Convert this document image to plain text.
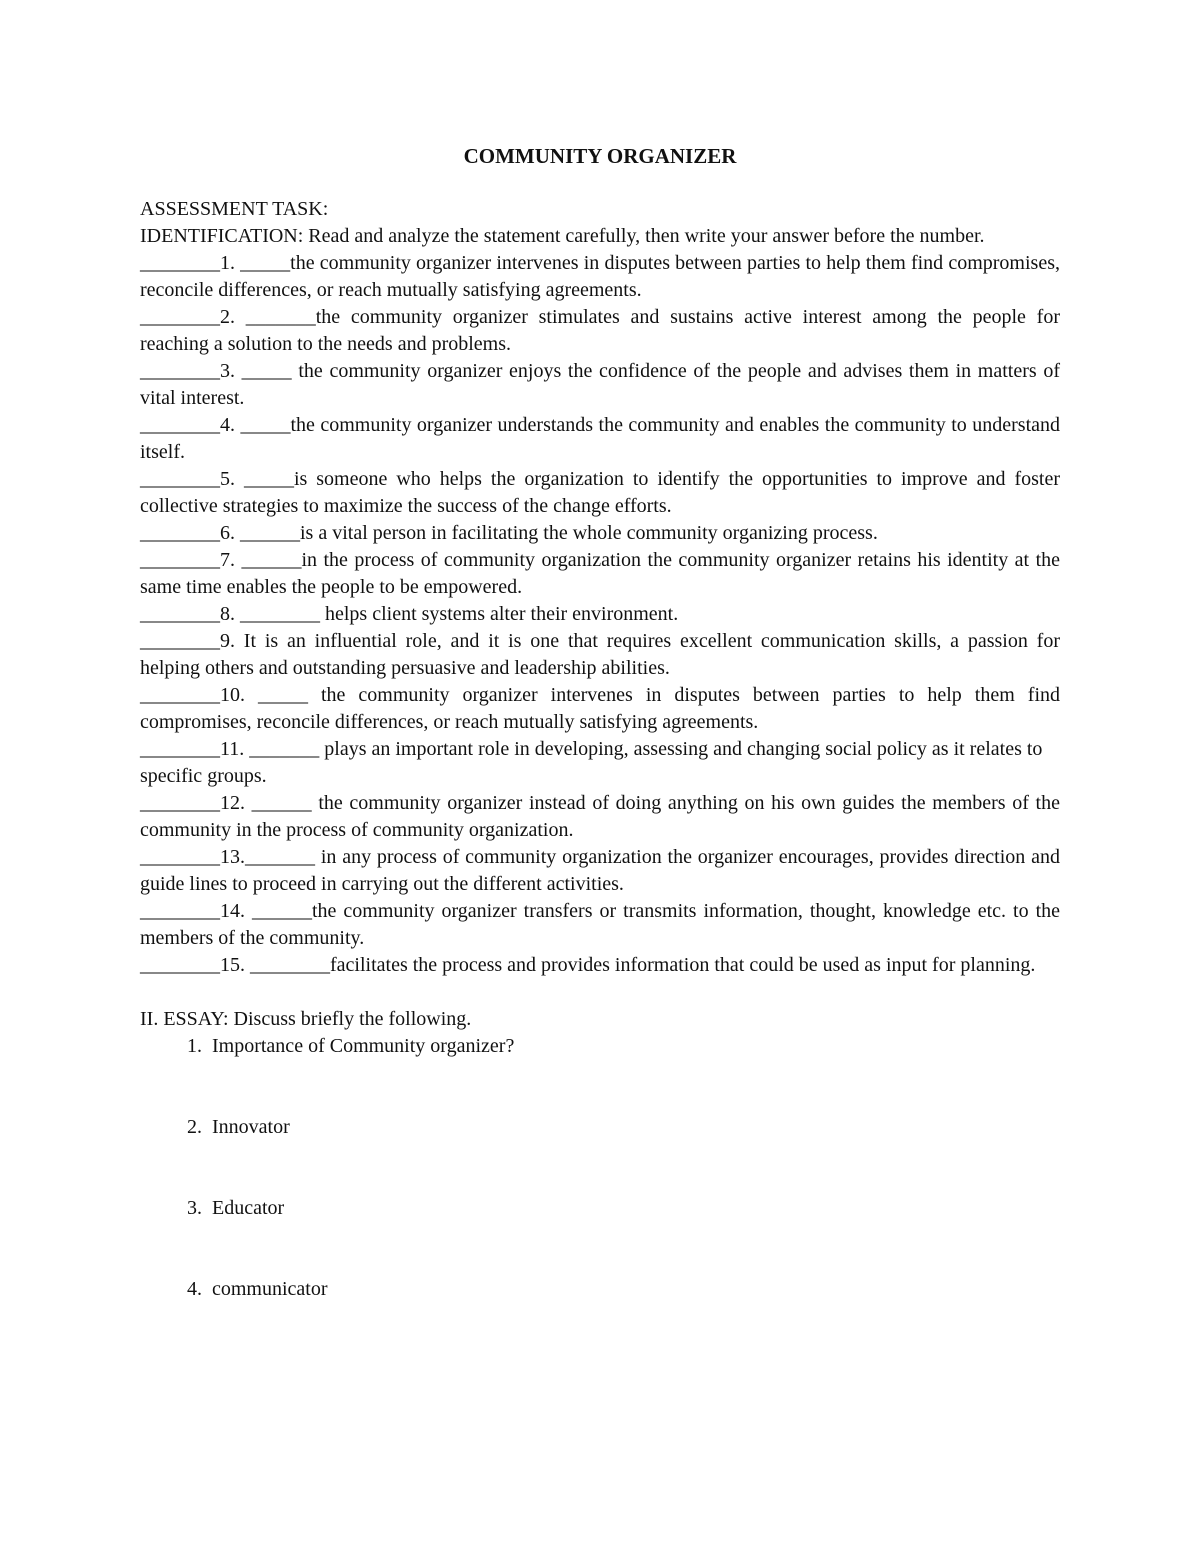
COMMUNITY ORGANIZER

ASSESSMENT TASK:

IDENTIFICATION: Read and analyze the statement carefully, then write your answer before the number.

________1. _____the community organizer intervenes in disputes between parties to help them find compromises, reconcile differences, or reach mutually satisfying agreements.

________2. _______the community organizer stimulates and sustains active interest among the people for reaching a solution to the needs and problems.

________3. _____ the community organizer enjoys the confidence of the people and advises them in matters of vital interest.

________4. _____the community organizer understands the community and enables the community to understand itself.

________5. _____is someone who helps the organization to identify the opportunities to improve and foster collective strategies to maximize the success of the change efforts.

________6. ______is a vital person in facilitating the whole community organizing process.

________7. ______in the process of community organization the community organizer retains his identity at the same time enables the people to be empowered.

________8. ________ helps client systems alter their environment.

________9. It is an influential role, and it is one that requires excellent communication skills, a passion for helping others and outstanding persuasive and leadership abilities.

________10. _____ the community organizer intervenes in disputes between parties to help them find compromises, reconcile differences, or reach mutually satisfying agreements.

________11. _______ plays an important role in developing, assessing and changing social policy as it relates to specific groups.

________12. ______ the community organizer instead of doing anything on his own guides the members of the community in the process of community organization.

________13._______ in any process of community organization the organizer encourages, provides direction and guide lines to proceed in carrying out the different activities.

________14. ______the community organizer transfers or transmits information, thought, knowledge etc. to the members of the community.

________15. ________facilitates the process and provides information that could be used as input for planning.

II. ESSAY: Discuss briefly the following.

1. Importance of Community organizer?
2. Innovator
3. Educator
4. communicator
